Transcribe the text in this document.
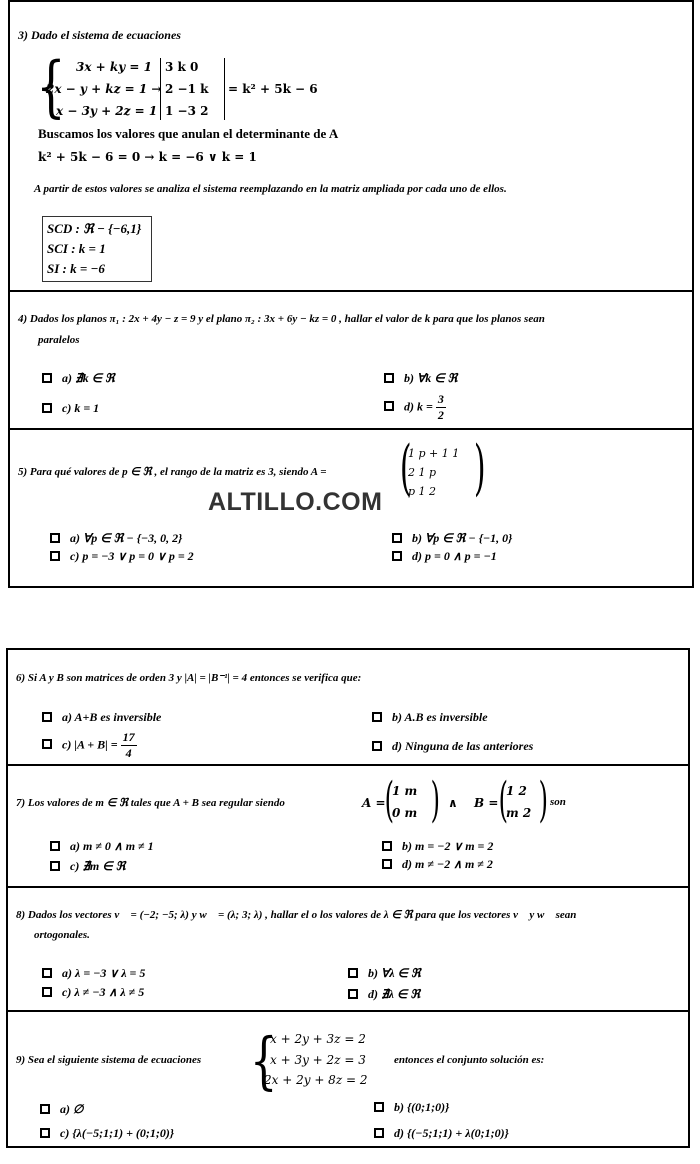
3) Dado el sistema de ecuaciones
{ 3x + ky = 1
2x − y + kz = 1 →
x − 3y + 2z = 1
3 k 0
2 −1 k
1 −3 2
= k² + 5k − 6
Buscamos los valores que anulan el determinante de A
k² + 5k − 6 = 0 → k = −6 ∨ k = 1
A partir de estos valores se analiza el sistema reemplazando en la matriz ampliada por cada uno de ellos.
SCD : ℜ − {−6,1}
SCI : k = 1
SI : k = −6
4) Dados los planos π₁ : 2x + 4y − z = 9 y el plano π₂ : 3x + 6y − kz = 0 , hallar el valor de k para que los planos sean
paralelos
a) ∄k ∈ ℜ	b) ∀k ∈ ℜ
c) k = 1	d) $k = \frac{3}{2}$
5) Para qué valores de p ∈ ℜ , el rango de la matriz es 3, siendo A = (
1 p + 1 1
2 1 p
p 1 2 )
ALTILLO.COM
a) ∀p ∈ ℜ − {−3, 0, 2}	b) ∀p ∈ ℜ − {−1, 0}
c) p = −3 ∨ p = 0 ∨ p = 2	d) p = 0 ∧ p = −1
6) Si A y B son matrices de orden 3 y |A| = |B⁻¹| = 4 entonces se verifica que:
a) A+B es inversible	b) A.B es inversible
c) $|A + B| = \frac{17}{4}$	d) Ninguna de las anteriores
7) Los valores de m ∈ ℜ tales que A + B sea regular siendo	A = (
1 m
0 m ) ∧ B = (
1 2
m 2 ) son
a) m ≠ 0 ∧ m ≠ 1	b) m = −2 ∨ m = 2
c) ∄m ∈ ℜ	d) m ≠ −2 ∧ m ≠ 2
8) Dados los vectores v⃗ = (−2; −5; λ) y w⃗ = (λ; 3; λ) , hallar el o los valores de λ ∈ ℜ para que los vectores v⃗ y w⃗ sean
ortogonales.
a) λ = −3 ∨ λ = 5	b) ∀λ ∈ ℜ
c) λ ≠ −3 ∧ λ ≠ 5	d) ∄λ ∈ ℜ
9) Sea el siguiente sistema de ecuaciones {
x + 2y + 3z = 2
x + 3y + 2z = 3
2x + 2y + 8z = 2
entonces el conjunto solución es:
a) ∅	b) {(0;1;0)}
c) {λ(−5;1;1) + (0;1;0)}	d) {(−5;1;1) + λ(0;1;0)}
